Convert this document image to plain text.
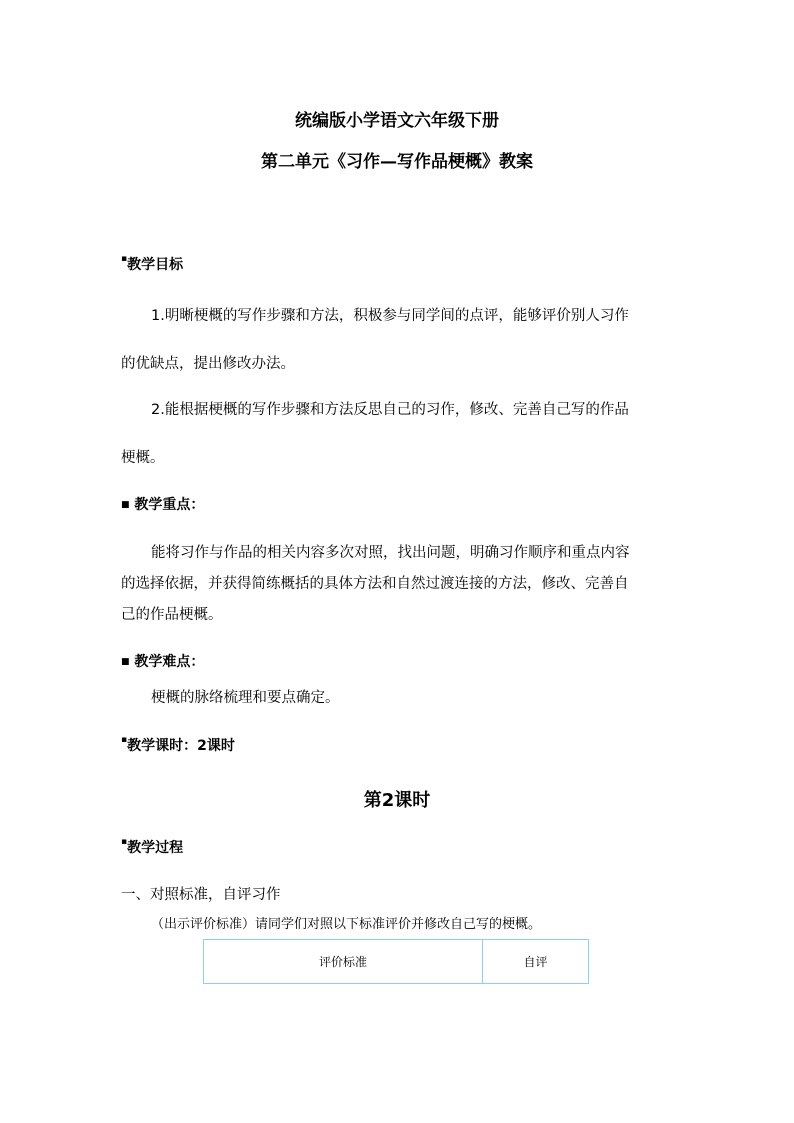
统编版小学语文六年级下册
第二单元《习作—写作品梗概》教案
▪教学目标
1.明晰梗概的写作步骤和方法，积极参与同学间的点评，能够评价别人习作
的优缺点，提出修改办法。
2.能根据梗概的写作步骤和方法反思自己的习作，修改、完善自己写的作品
梗概。
■ 教学重点：
能将习作与作品的相关内容多次对照，找出问题，明确习作顺序和重点内容
的选择依据，并获得简练概括的具体方法和自然过渡连接的方法，修改、完善自
己的作品梗概。
■ 教学难点：
梗概的脉络梳理和要点确定。
▪教学课时：2课时
第2课时
▪教学过程
一、对照标准，自评习作
（出示评价标准）请同学们对照以下标准评价并修改自己写的梗概。
评价标准	自评
